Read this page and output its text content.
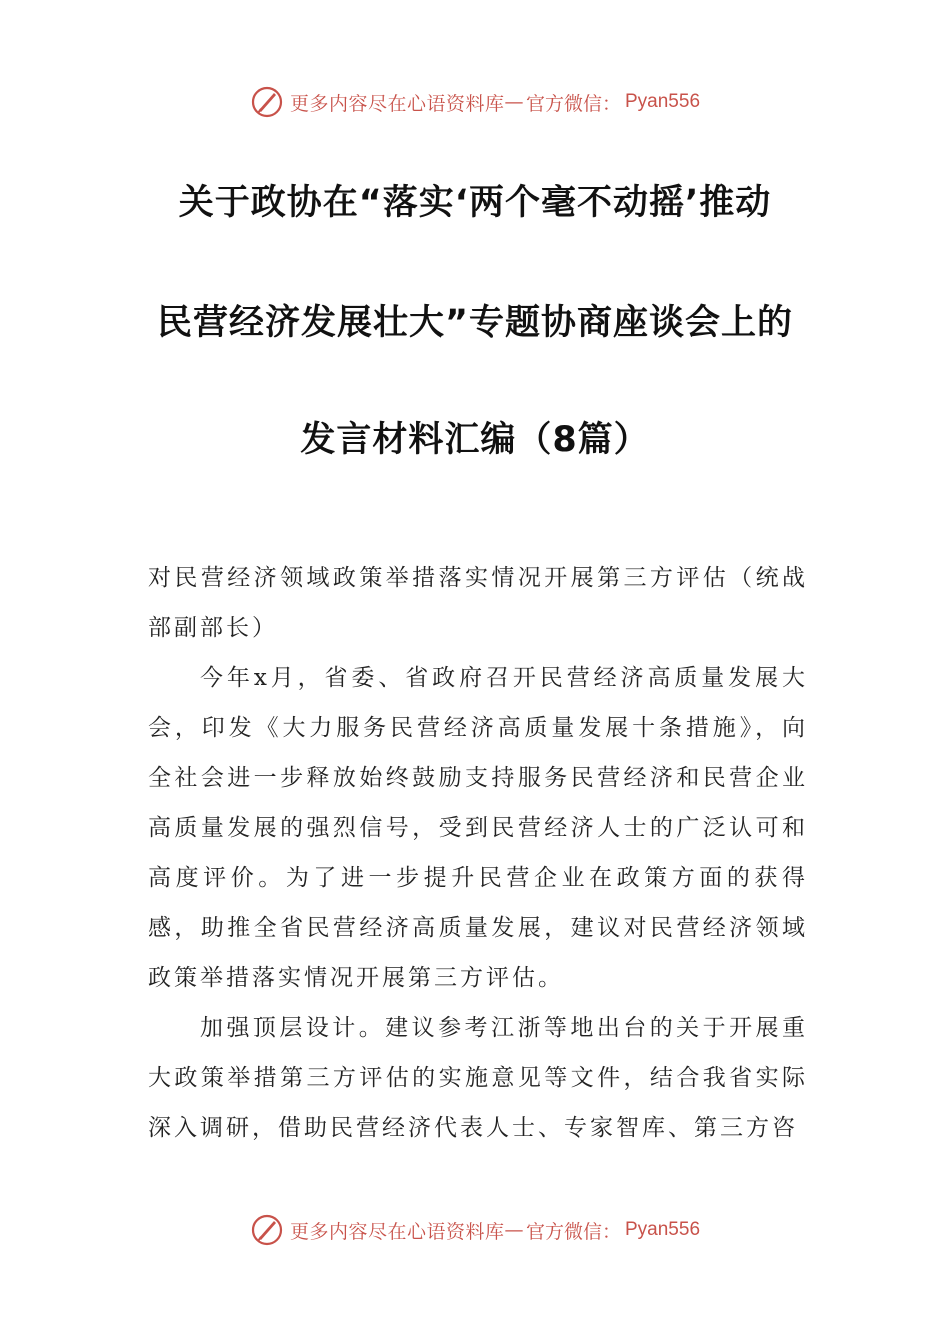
更多内容尽在心语资料库 — 官方微信： Pyan556
关于政协在“落实‘两个毫不动摇’推动
民营经济发展壮大”专题协商座谈会上的
发言材料汇编（8篇）

对民营经济领域政策举措落实情况开展第三方评估（统战部副部长）

今年x月，省委、省政府召开民营经济高质量发展大会，印发《大力服务民营经济高质量发展十条措施》，向全社会进一步释放始终鼓励支持服务民营经济和民营企业高质量发展的强烈信号，受到民营经济人士的广泛认可和高度评价。为了进一步提升民营企业在政策方面的获得感，助推全省民营经济高质量发展，建议对民营经济领域政策举措落实情况开展第三方评估。

加强顶层设计。建议参考江浙等地出台的关于开展重大政策举措第三方评估的实施意见等文件，结合我省实际深入调研，借助民营经济代表人士、专家智库、第三方咨

更多内容尽在心语资料库 — 官方微信： Pyan556
